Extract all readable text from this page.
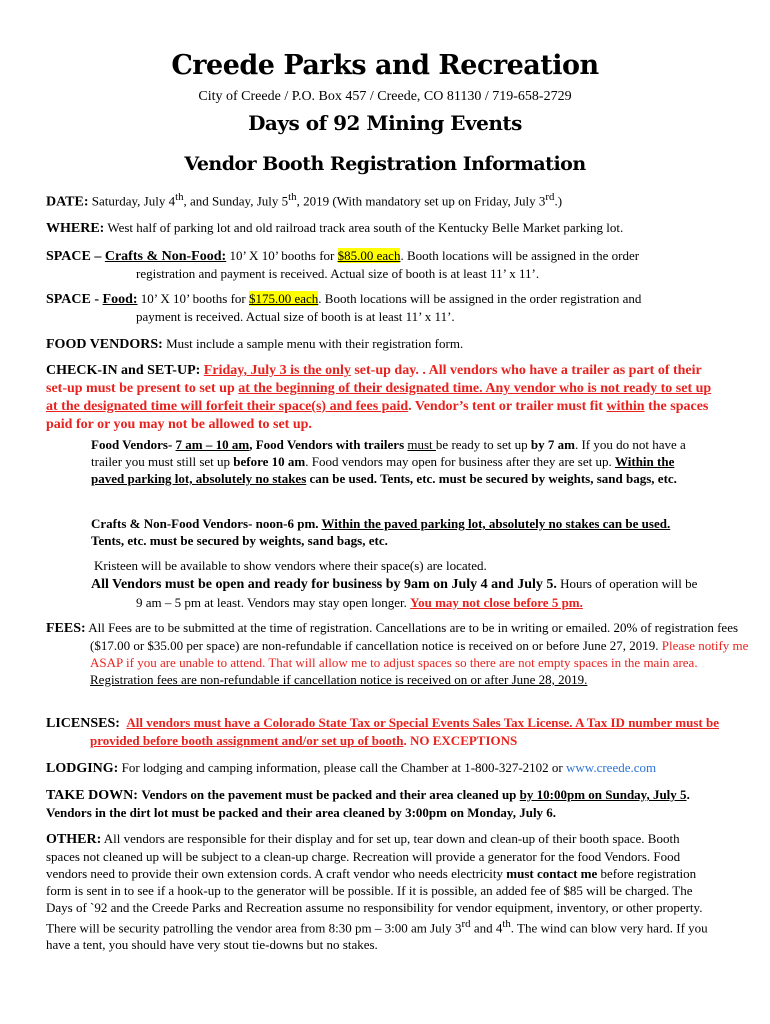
Creede Parks and Recreation
City of Creede / P.O. Box 457 / Creede, CO 81130 / 719-658-2729
Days of 92 Mining Events
Vendor Booth Registration Information
DATE: Saturday, July 4th, and Sunday, July 5th, 2019 (With mandatory set up on Friday, July 3rd.)
WHERE: West half of parking lot and old railroad track area south of the Kentucky Belle Market parking lot.
SPACE – Crafts & Non-Food: 10’ X 10’ booths for $85.00 each. Booth locations will be assigned in the order
registration and payment is received. Actual size of booth is at least 11’ x 11’.
SPACE - Food: 10’ X 10’ booths for $175.00 each. Booth locations will be assigned in the order registration and
payment is received. Actual size of booth is at least 11’ x 11’.
FOOD VENDORS: Must include a sample menu with their registration form.
CHECK-IN and SET-UP: Friday, July 3 is the only set-up day. . All vendors who have a trailer as part of their set-up must be present to set up at the beginning of their designated time. Any vendor who is not ready to set up at the designated time will forfeit their space(s) and fees paid. Vendor’s tent or trailer must fit within the spaces paid for or you may not be allowed to set up.
Food Vendors- 7 am – 10 am, Food Vendors with trailers must be ready to set up by 7 am. If you do not have a trailer you must still set up before 10 am. Food vendors may open for business after they are set up. Within the paved parking lot, absolutely no stakes can be used. Tents, etc. must be secured by weights, sand bags, etc.
Crafts & Non-Food Vendors- noon-6 pm. Within the paved parking lot, absolutely no stakes can be used. Tents, etc. must be secured by weights, sand bags, etc.
Kristeen will be available to show vendors where their space(s) are located.
All Vendors must be open and ready for business by 9am on July 4 and July 5. Hours of operation will be 9 am – 5 pm at least. Vendors may stay open longer. You may not close before 5 pm.
FEES: All Fees are to be submitted at the time of registration. Cancellations are to be in writing or emailed. 20% of registration fees ($17.00 or $35.00 per space) are non-refundable if cancellation notice is received on or before June 27, 2019. Please notify me ASAP if you are unable to attend. That will allow me to adjust spaces so there are not empty spaces in the main area. Registration fees are non-refundable if cancellation notice is received on or after June 28, 2019.
LICENSES: All vendors must have a Colorado State Tax or Special Events Sales Tax License. A Tax ID number must be provided before booth assignment and/or set up of booth. NO EXCEPTIONS
LODGING: For lodging and camping information, please call the Chamber at 1-800-327-2102 or www.creede.com
TAKE DOWN: Vendors on the pavement must be packed and their area cleaned up by 10:00pm on Sunday, July 5. Vendors in the dirt lot must be packed and their area cleaned by 3:00pm on Monday, July 6.
OTHER: All vendors are responsible for their display and for set up, tear down and clean-up of their booth space. Booth spaces not cleaned up will be subject to a clean-up charge. Recreation will provide a generator for the food Vendors. Food vendors need to provide their own extension cords. A craft vendor who needs electricity must contact me before registration form is sent in to see if a hook-up to the generator will be possible. If it is possible, an added fee of $85 will be charged. The Days of `92 and the Creede Parks and Recreation assume no responsibility for vendor equipment, inventory, or other property. There will be security patrolling the vendor area from 8:30 pm – 3:00 am July 3rd and 4th. The wind can blow very hard. If you have a tent, you should have very stout tie-downs but no stakes.
